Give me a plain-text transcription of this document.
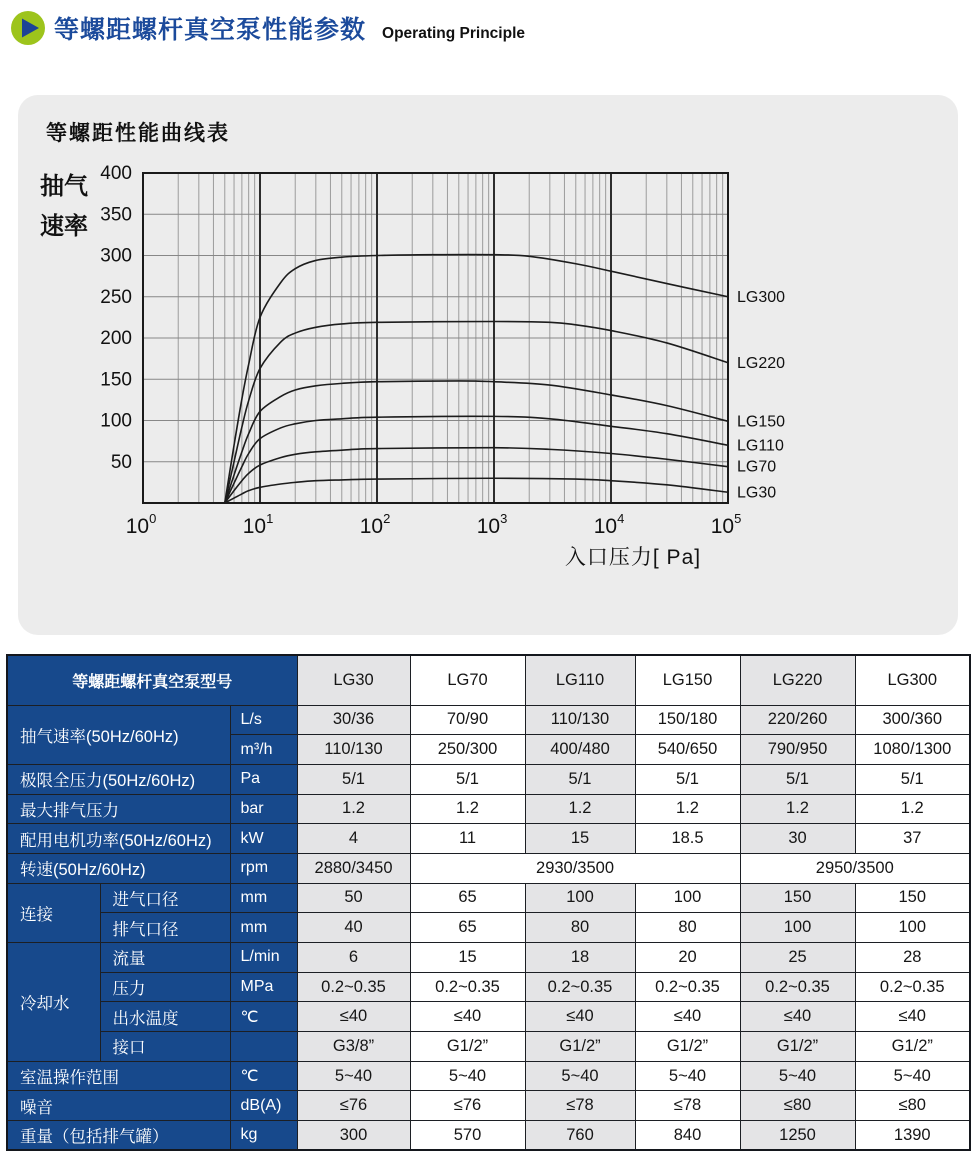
等螺距螺杆真空泵性能参数 Operating Principle
等螺距性能曲线表
抽气
速率
LG300
LG220
LG150
LG110
LG70
LG30
50
100
150
200
250
300
350
400
$10^0$	$10^1$	$10^2$	$10^3$	$10^4$	$10^5$
入口压力[ Pa]
等螺距螺杆真空泵型号			LG30	LG70	LG110	LG150	LG220	LG300
抽气速率(50Hz/60Hz)		L/s	30/36	70/90	110/130	150/180	220/260	300/360
		m³/h	110/130	250/300	400/480	540/650	790/950	1080/1300
极限全压力(50Hz/60Hz)		Pa	5/1	5/1	5/1	5/1	5/1	5/1
最大排气压力		bar	1.2	1.2	1.2	1.2	1.2	1.2
配用电机功率(50Hz/60Hz)		kW	4	11	15	18.5	30	37
转速(50Hz/60Hz)		rpm	2880/3450	2930/3500			2950/3500	
连接	进气口径	mm	50	65	100	100	150	150
	排气口径	mm	40	65	80	80	100	100
冷却水	流量	L/min	6	15	18	20	25	28
	压力	MPa	0.2~0.35	0.2~0.35	0.2~0.35	0.2~0.35	0.2~0.35	0.2~0.35
	出水温度	℃	≤40	≤40	≤40	≤40	≤40	≤40
	接口		G3/8”	G1/2”	G1/2”	G1/2”	G1/2”	G1/2”
室温操作范围		℃	5~40	5~40	5~40	5~40	5~40	5~40
噪音		dB(A)	≤76	≤76	≤78	≤78	≤80	≤80
重量（包括排气罐）		kg	300	570	760	840	1250	1390
